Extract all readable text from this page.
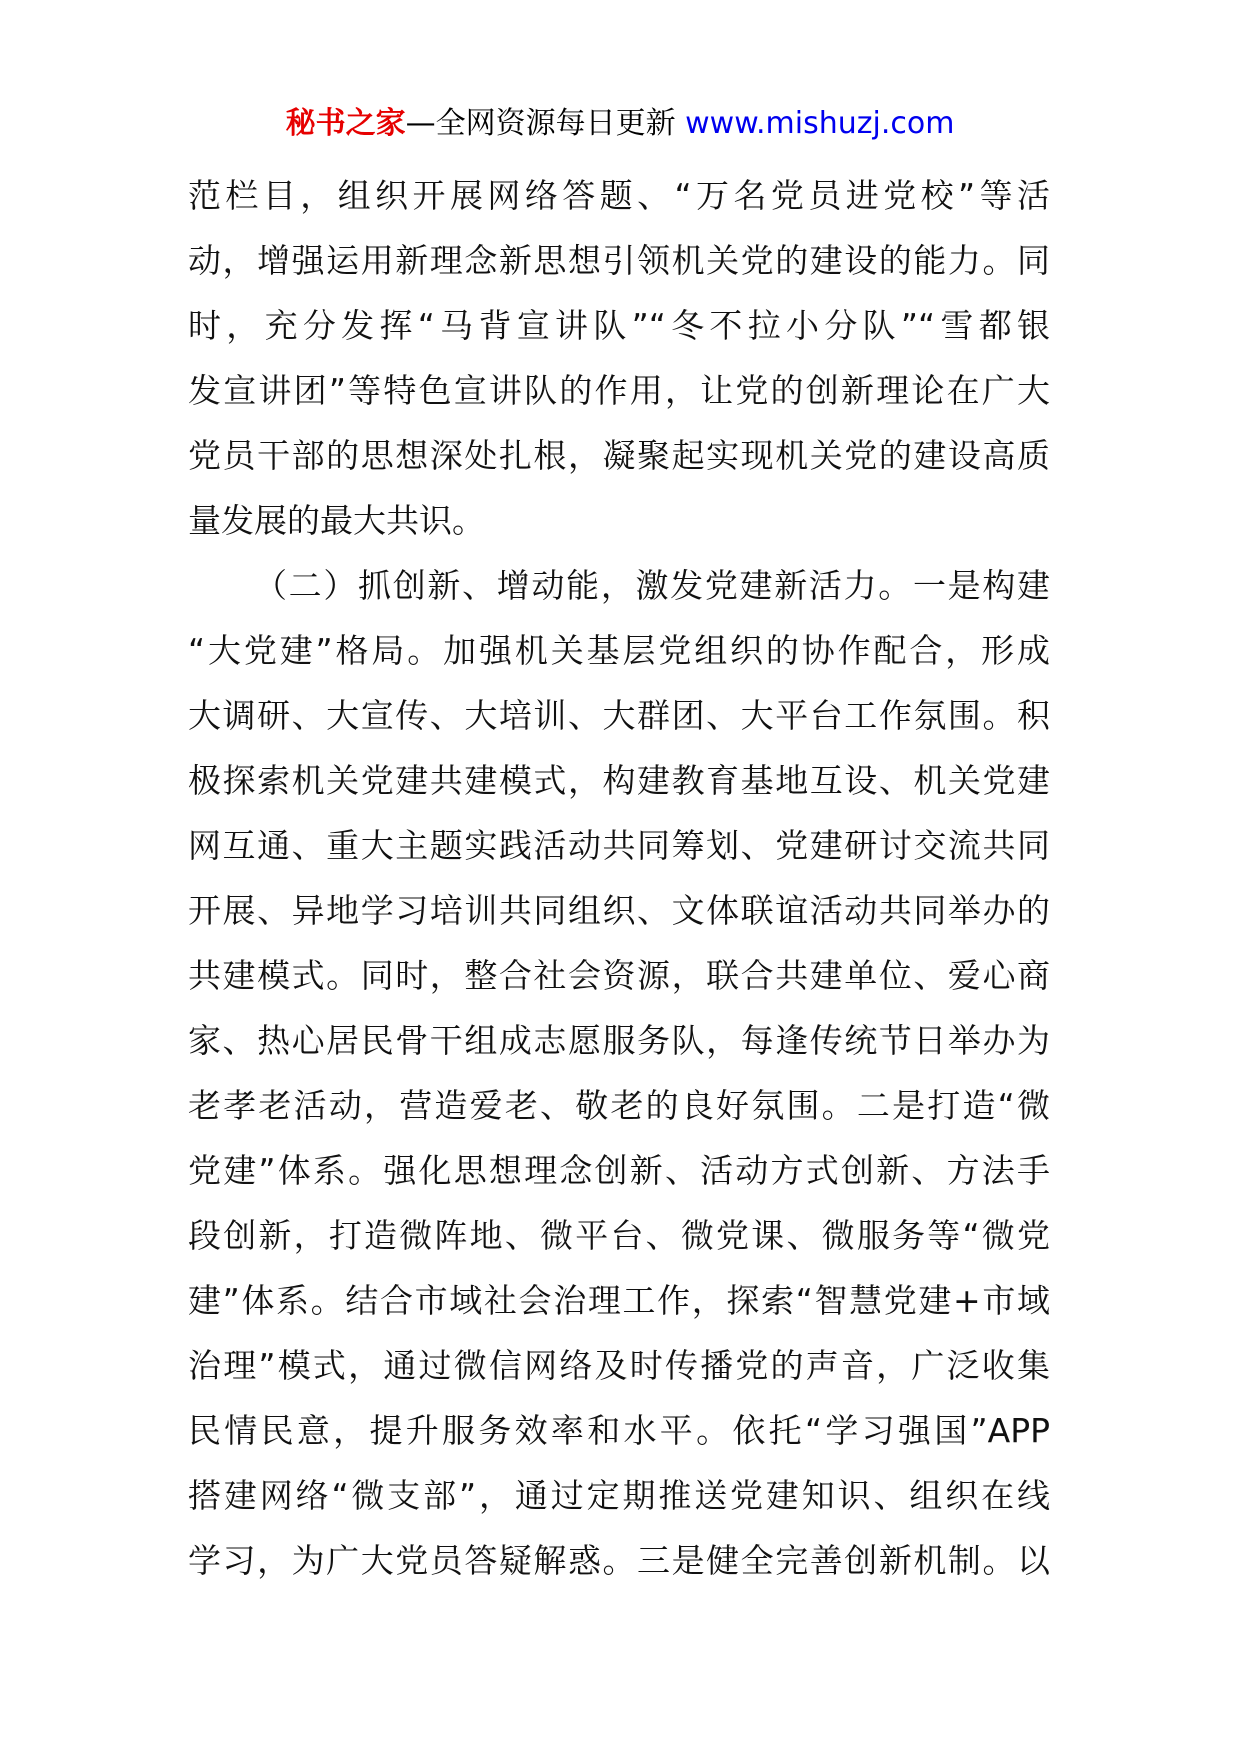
秘书之家—全网资源每日更新 www.mishuzj.com
范栏目，组织开展网络答题、“万名党员进党校”等活
动，增强运用新理念新思想引领机关党的建设的能力。同
时，充分发挥“马背宣讲队”“冬不拉小分队”“雪都银
发宣讲团”等特色宣讲队的作用，让党的创新理论在广大
党员干部的思想深处扎根，凝聚起实现机关党的建设高质
量发展的最大共识。
（二）抓创新、增动能，激发党建新活力。一是构建
“大党建”格局。加强机关基层党组织的协作配合，形成
大调研、大宣传、大培训、大群团、大平台工作氛围。积
极探索机关党建共建模式，构建教育基地互设、机关党建
网互通、重大主题实践活动共同筹划、党建研讨交流共同
开展、异地学习培训共同组织、文体联谊活动共同举办的
共建模式。同时，整合社会资源，联合共建单位、爱心商
家、热心居民骨干组成志愿服务队，每逢传统节日举办为
老孝老活动，营造爱老、敬老的良好氛围。二是打造“微
党建”体系。强化思想理念创新、活动方式创新、方法手
段创新，打造微阵地、微平台、微党课、微服务等“微党
建”体系。结合市域社会治理工作，探索“智慧党建+市域
治理”模式，通过微信网络及时传播党的声音，广泛收集
民情民意，提升服务效率和水平。依托“学习强国”APP
搭建网络“微支部”，通过定期推送党建知识、组织在线
学习，为广大党员答疑解惑。三是健全完善创新机制。以
